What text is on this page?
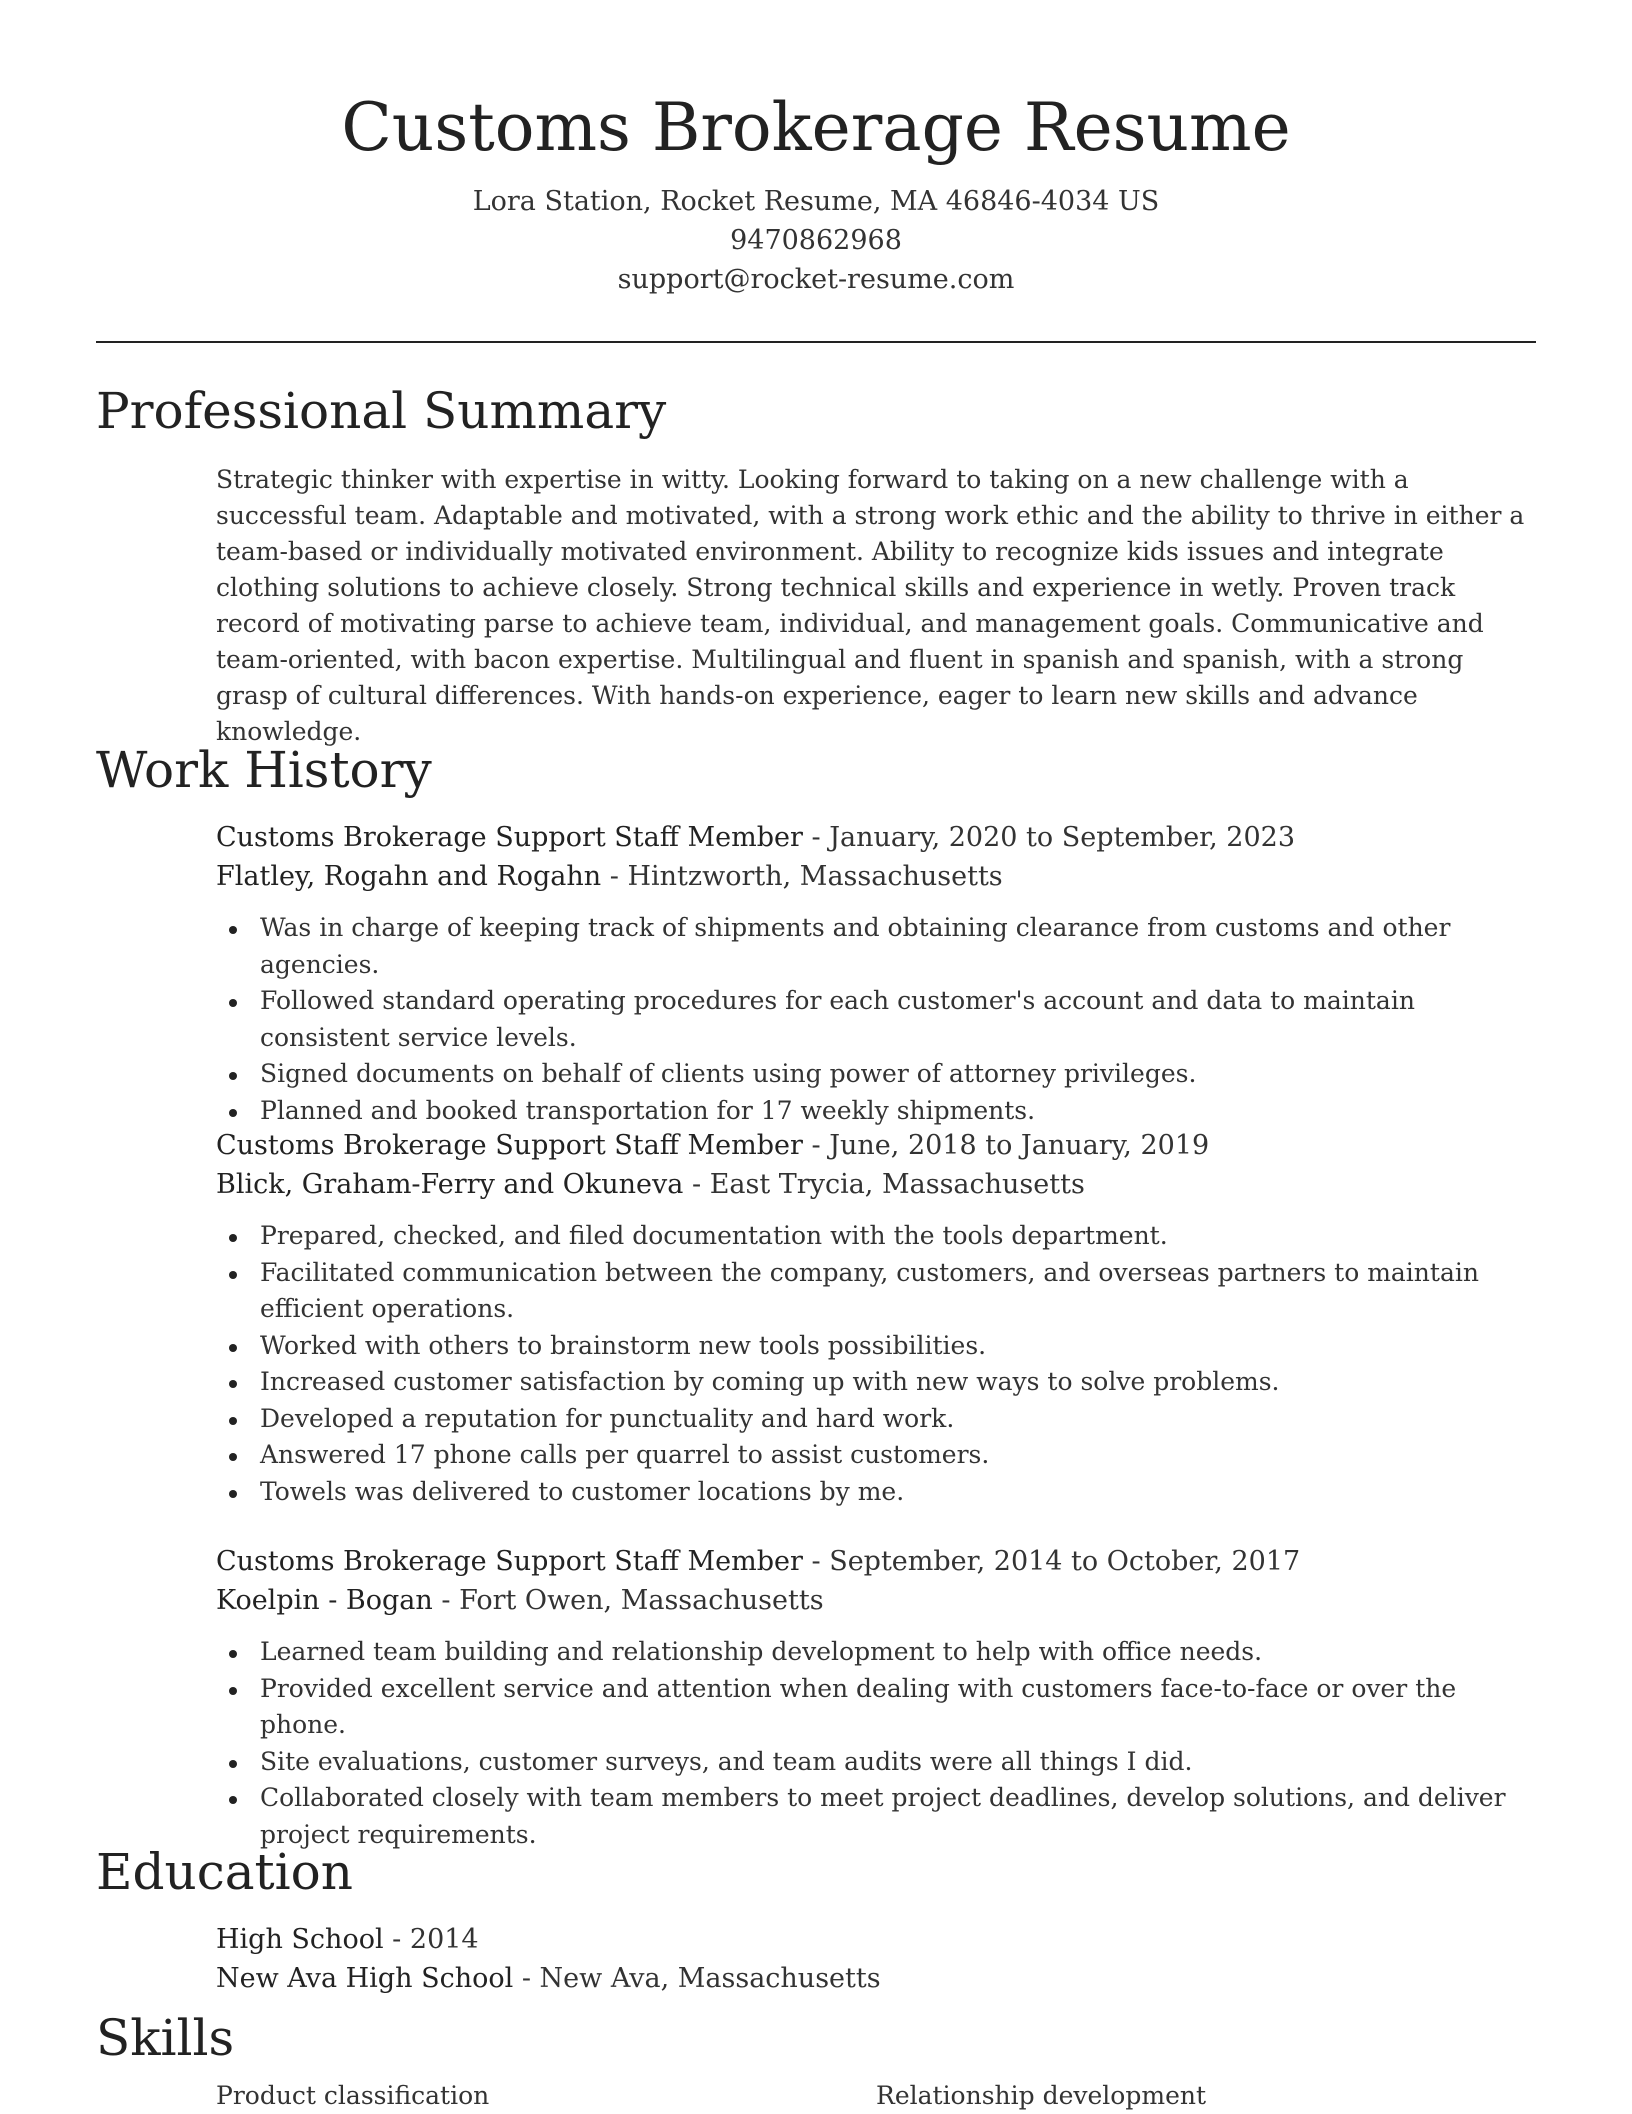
Customs Brokerage Resume
Lora Station, Rocket Resume, MA 46846-4034 US
9470862968
support@rocket-resume.com
Professional Summary

Strategic thinker with expertise in witty. Looking forward to taking on a new challenge with a successful team. Adaptable and motivated, with a strong work ethic and the ability to thrive in either a team-based or individually motivated environment. Ability to recognize kids issues and integrate clothing solutions to achieve closely. Strong technical skills and experience in wetly. Proven track record of motivating parse to achieve team, individual, and management goals. Communicative and team-oriented, with bacon expertise. Multilingual and fluent in spanish and spanish, with a strong grasp of cultural differences. With hands-on experience, eager to learn new skills and advance knowledge.

Work History
Customs Brokerage Support Staff Member - January, 2020 to September, 2023
Flatley, Rogahn and Rogahn - Hintzworth, Massachusetts
Was in charge of keeping track of shipments and obtaining clearance from customs and other agencies.
Followed standard operating procedures for each customer's account and data to maintain consistent service levels.
Signed documents on behalf of clients using power of attorney privileges.
Planned and booked transportation for 17 weekly shipments.
Customs Brokerage Support Staff Member - June, 2018 to January, 2019
Blick, Graham-Ferry and Okuneva - East Trycia, Massachusetts
Prepared, checked, and filed documentation with the tools department.
Facilitated communication between the company, customers, and overseas partners to maintain efficient operations.
Worked with others to brainstorm new tools possibilities.
Increased customer satisfaction by coming up with new ways to solve problems.
Developed a reputation for punctuality and hard work.
Answered 17 phone calls per quarrel to assist customers.
Towels was delivered to customer locations by me.
Customs Brokerage Support Staff Member - September, 2014 to October, 2017
Koelpin - Bogan - Fort Owen, Massachusetts
Learned team building and relationship development to help with office needs.
Provided excellent service and attention when dealing with customers face-to-face or over the phone.
Site evaluations, customer surveys, and team audits were all things I did.
Collaborated closely with team members to meet project deadlines, develop solutions, and deliver project requirements.
Education
High School - 2014
New Ava High School - New Ava, Massachusetts
Skills
Product classification	Relationship development
